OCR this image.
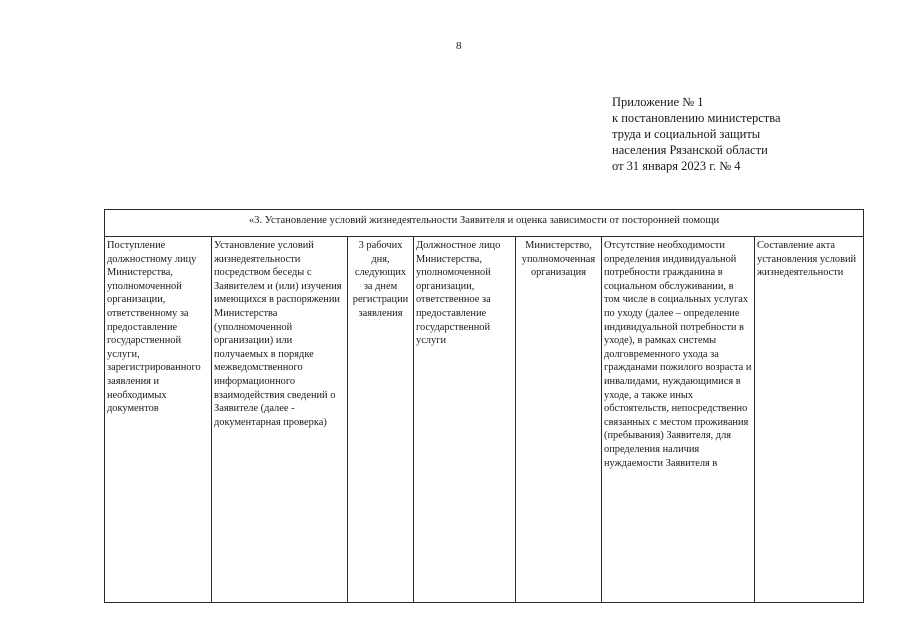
8
Приложение № 1
к постановлению министерства
труда и социальной защиты
населения Рязанской области
от 31 января 2023 г. № 4
«3. Установление условий жизнедеятельности Заявителя и оценка зависимости от посторонней помощи
Поступление должностному лицу Министерства, уполномоченной организации, ответственному за предоставление государственной услуги, зарегистрированного заявления и необходимых документов	Установление условий жизнедеятельности посредством беседы с Заявителем и (или) изучения имеющихся в распоряжении Министерства (уполномоченной организации) или получаемых в порядке межведомственного информационного взаимодействия сведений о Заявителе (далее - документарная проверка)	3 рабочих дня, следующих за днем регистрации заявления	Должностное лицо Министерства, уполномоченной организации, ответственное за предоставление государственной услуги	Министерство, уполномоченная организация	Отсутствие необходимости определения индивидуальной потребности гражданина в социальном обслуживании, в том числе в социальных услугах по уходу (далее – определение индивидуальной потребности в уходе), в рамках системы долговременного ухода за гражданами пожилого возраста и инвалидами, нуждающимися в уходе, а также иных обстоятельств, непосредственно связанных с местом проживания (пребывания) Заявителя, для определения наличия нуждаемости Заявителя в	Составление акта установления условий жизнедеятельности
